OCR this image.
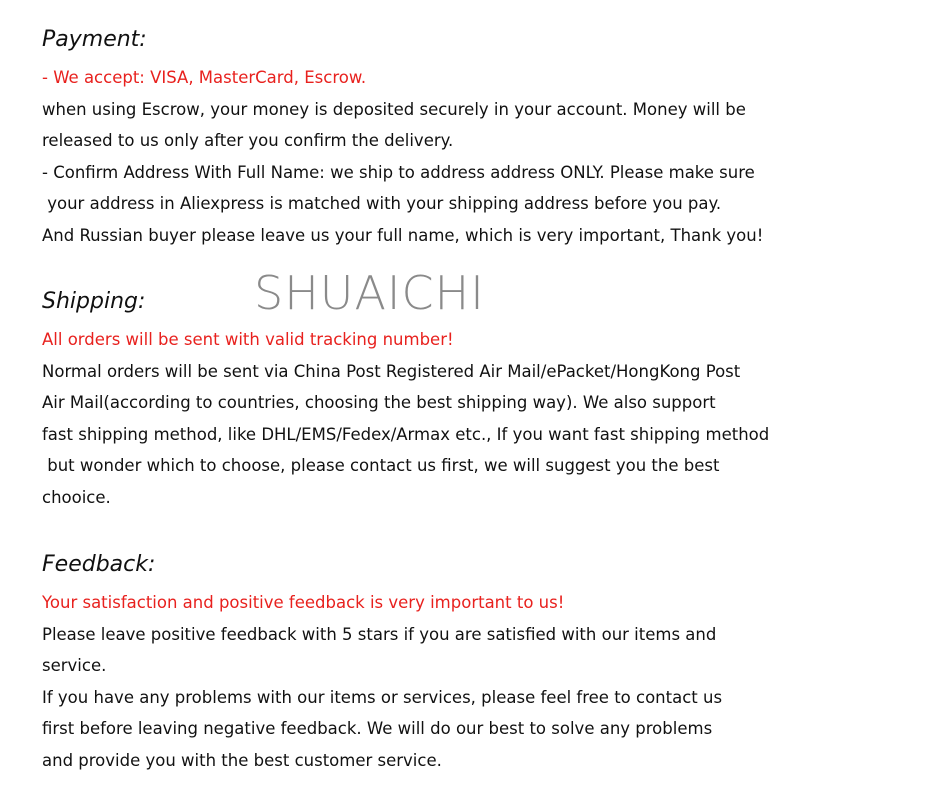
Payment:
- We accept: VISA, MasterCard, Escrow.
when using Escrow, your money is deposited securely in your account. Money will be
released to us only after you confirm the delivery.
- Confirm Address With Full Name: we ship to address address ONLY. Please make sure
your address in Aliexpress is matched with your shipping address before you pay.
And Russian buyer please leave us your full name, which is very important, Thank you!
SHUAICHI
Shipping:
All orders will be sent with valid tracking number!
Normal orders will be sent via China Post Registered Air Mail/ePacket/HongKong Post
Air Mail(according to countries, choosing the best shipping way). We also support
fast shipping method, like DHL/EMS/Fedex/Armax etc., If you want fast shipping method
but wonder which to choose, please contact us first, we will suggest you the best
chooice.
Feedback:
Your satisfaction and positive feedback is very important to us!
Please leave positive feedback with 5 stars if you are satisfied with our items and
service.
If you have any problems with our items or services, please feel free to contact us
first before leaving negative feedback. We will do our best to solve any problems
and provide you with the best customer service.
